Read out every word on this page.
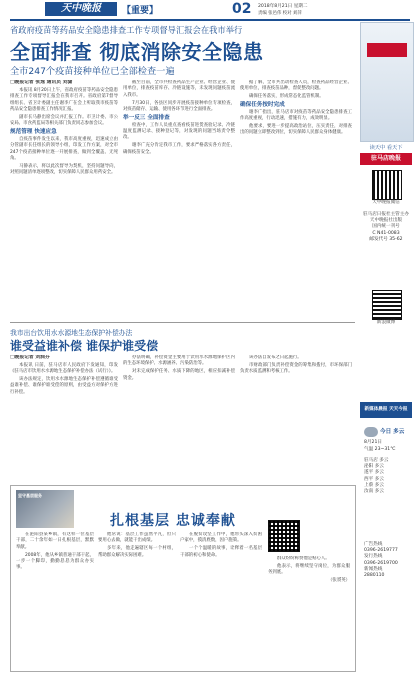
天中晚报	【重要】	02 2018年8月21日 星期二
责编 张邑伟 校对 刘萍
省政府疫苗等药品安全隐患排查工作专项督导汇报会在我市举行
全面排查 彻底消除安全隐患
全市247个疫苗接种单位已全部检查一遍

□晚报记者 张逸 通讯员 刘潇

本报讯 8月20日上午，省政府疫苗等药品安全隐患排查工作专项督导汇报会在我市召开。省政府第7督导组组长、省卫计委副主任谢李广在会上听取我市疫苗等药品安全隐患排查工作情况汇报。

副市长马静出席会议并汇报工作。市卫计委、市公安局、市食药监局等相关部门负责同志参加会议。

规范管理 快速应急

自疫苗事件发生以来，我市高度重视，迅速成立由分管副市长任组长的领导小组，印发工作方案，对全市247个疫苗接种单位逐一开展排查，做到全覆盖、无死角。

马静表示，将以此次督导为契机，坚持问题导向，对照问题清单逐项整改，切实保障人民群众用药安全。

截至目前，全市共检查药品生产企业、经营企业、使用单位，排查疫苗库存、冷链设施等，未发现问题疫苗流入我市。

7月30日，各县区同步开展疫苗接种单位专项检查，对疫苗储存、运输、使用各环节进行全面排查。

举一反三 全面排查

检查中，工作人员重点查看疫苗进货查验记录、冷链温度监测记录、接种登记等，对发现的问题当场责令整改。

谢李广充分肯定我市工作，要求严格落实各方责任，确保疫苗安全。

据了解，全市共出动检查人员，检查药品经营企业、使用单位，排查疫苗品种，督促整改问题。

确保任务落实，形成常态化监管机制。

确保任务按时完成

谢李广指出，驻马店市对疫苗等药品安全隐患排查工作高度重视，行动迅速，措施有力，成效明显。

他要求，要进一步提高政治站位，压实责任，对排查出的问题立即整改到位，切实保障人民群众身体健康。

我市出台饮用水水源地生态保护补偿办法
谁受益谁补偿 谁保护谁受偿

□晚报记者 刘润芬

本报讯 日前，驻马店市人民政府下发通知，印发《驻马店市饮用水水源地生态保护补偿办法（试行）》。

该办法规定，饮用水水源地生态保护补偿遵循谁受益谁补偿、谁保护谁受偿的原则，由受益方对保护方进行补偿。

办法明确，补偿资金主要用于饮用水水源地保护区内的生态环境保护、水源涵养、污染防治等。

对未完成保护任务、水质下降的地区，相应扣减补偿资金。

该办法自发布之日起施行。

市财政部门负责补偿资金的筹集和拨付，市环保部门负责水质监测和考核工作。

坚守基层服务
扎根基层 忠诚奉献

在泌阳县某乡镇，有这样一位基层干部，二十余年如一日扎根基层，默默奉献。

2008年，他从乡镇普通干部干起，一步一个脚印，勤勤恳恳为群众办实事。

他常说：基层工作虽然平凡，但只要用心去做，就能干出成绩。

多年来，他走遍辖区每一个村组，帮助群众解决实际困难。

在脱贫攻坚工作中，他带头深入贫困户家中，摸清底数，因户施策。

一个个温暖的故事，诠释着一名基层干部的初心和使命。

群众纷纷称赞他是贴心人。

他表示，将继续坚守岗位，为群众服务到底。

（张赟英）

读天中 看天下
驻马店晚报
天中晚报微信
驻马店日报社主管主办
天中晚报社出版
国内统一刊号
C N41-0083
邮发代号 35-62
新浪微博
新媒体晨报 天天今报
今日 多云
8月21日
气温 23~31℃
驻马店 多云
泌阳 多云
遂平 多云
西平 多云
上蔡 多云
汝南 多云
广告热线
0396-2619777
发行热线
0396-2619700
新闻热线
2880110
